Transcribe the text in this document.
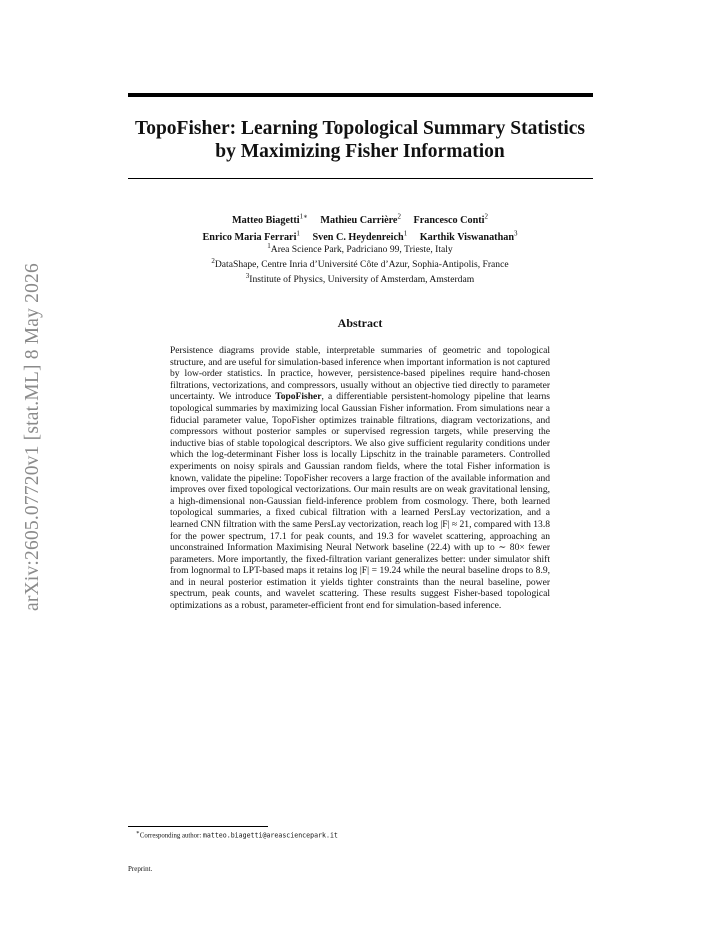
arXiv:2605.07720v1 [stat.ML] 8 May 2026
TopoFisher: Learning Topological Summary Statistics
by Maximizing Fisher Information
Matteo Biagetti$^{1∗}$ Mathieu Carrière$^2$ Francesco Conti$^2$
Enrico Maria Ferrari$^1$ Sven C. Heydenreich$^1$ Karthik Viswanathan$^3$
$^1$Area Science Park, Padriciano 99, Trieste, Italy
$^2$DataShape, Centre Inria d’Université Côte d’Azur, Sophia-Antipolis, France
$^3$Institute of Physics, University of Amsterdam, Amsterdam
Abstract
Persistence diagrams provide stable, interpretable summaries of geometric and topological structure, and are useful for simulation-based inference when important information is not captured by low-order statistics. In practice, however, persistence-based pipelines require hand-chosen filtrations, vectorizations, and compressors, usually without an objective tied directly to parameter uncertainty. We introduce TopoFisher, a differentiable persistent-homology pipeline that learns topological summaries by maximizing local Gaussian Fisher information. From simulations near a fiducial parameter value, TopoFisher optimizes trainable filtrations, diagram vectorizations, and compressors without posterior samples or supervised regression targets, while preserving the inductive bias of stable topological descriptors. We also give sufficient regularity conditions under which the log-determinant Fisher loss is locally Lipschitz in the trainable parameters. Controlled experiments on noisy spirals and Gaussian random fields, where the total Fisher information is known, validate the pipeline: TopoFisher recovers a large fraction of the available information and improves over fixed topological vectorizations. Our main results are on weak gravitational lensing, a high-dimensional non-Gaussian field-inference problem from cosmology. There, both learned topological summaries, a fixed cubical filtration with a learned PersLay vectorization, and a learned CNN filtration with the same PersLay vectorization, reach log |F| ≈ 21, compared with 13.8 for the power spectrum, 17.1 for peak counts, and 19.3 for wavelet scattering, approaching an unconstrained Information Maximising Neural Network baseline (22.4) with up to ∼ 80× fewer parameters. More importantly, the fixed-filtration variant generalizes better: under simulator shift from lognormal to LPT-based maps it retains log |F| = 19.24 while the neural baseline drops to 8.9, and in neural posterior estimation it yields tighter constraints than the neural baseline, power spectrum, peak counts, and wavelet scattering. These results suggest Fisher-based topological optimizations as a robust, parameter-efficient front end for simulation-based inference.
∗Corresponding author: matteo.biagetti@areasciencepark.it
Preprint.
